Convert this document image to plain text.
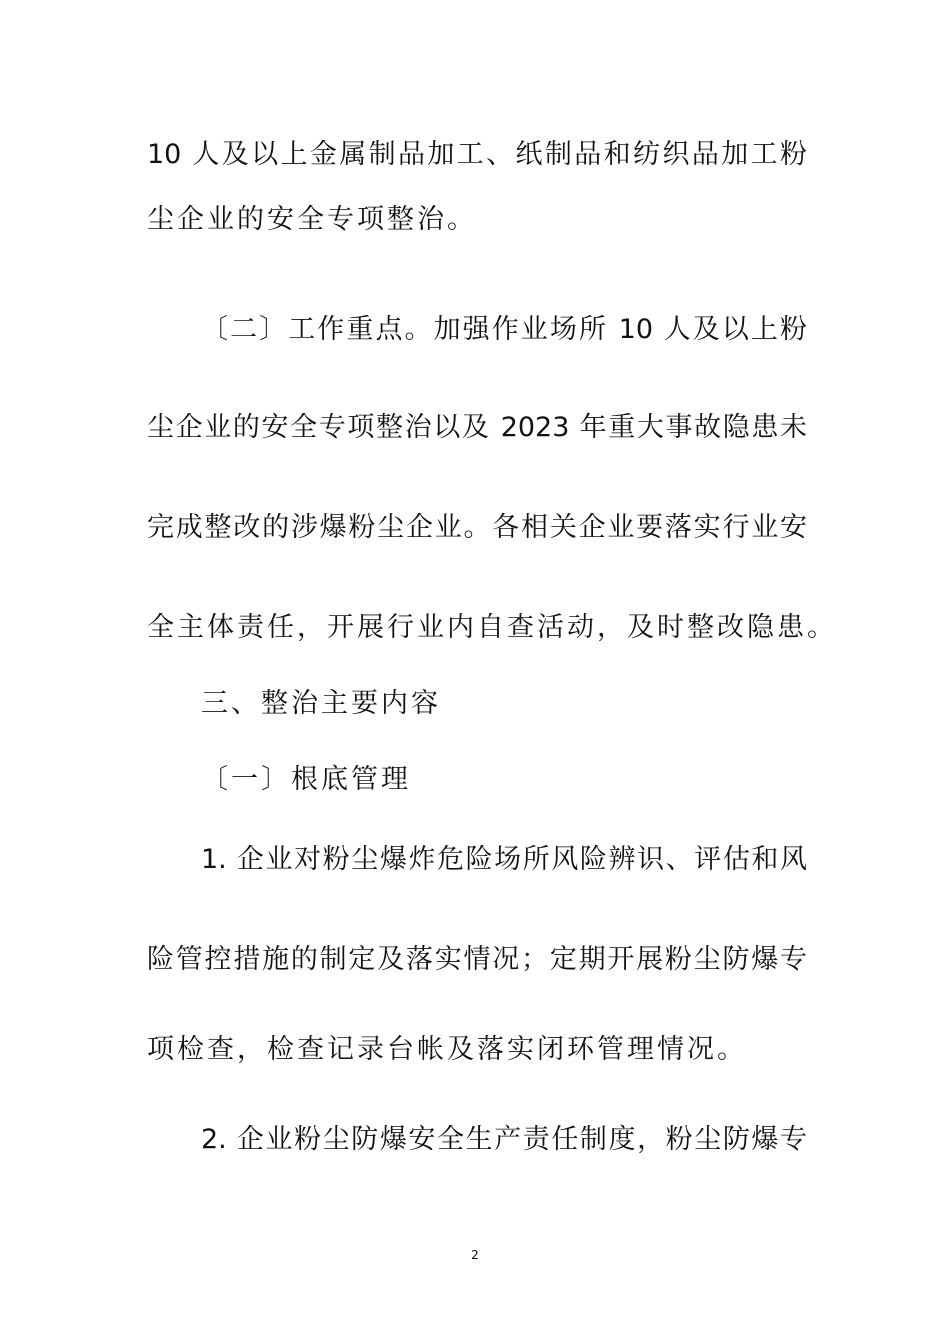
10 人及以上金属制品加工、纸制品和纺织品加工粉
尘企业的安全专项整治。
〔二〕工作重点。加强作业场所 10 人及以上粉
尘企业的安全专项整治以及 2023 年重大事故隐患未
完成整改的涉爆粉尘企业。各相关企业要落实行业安
全主体责任，开展行业内自查活动，及时整改隐患。
三、整治主要内容
〔一〕根底管理
1. 企业对粉尘爆炸危险场所风险辨识、评估和风
险管控措施的制定及落实情况；定期开展粉尘防爆专
项检查，检查记录台帐及落实闭环管理情况。
2. 企业粉尘防爆安全生产责任制度，粉尘防爆专
2
